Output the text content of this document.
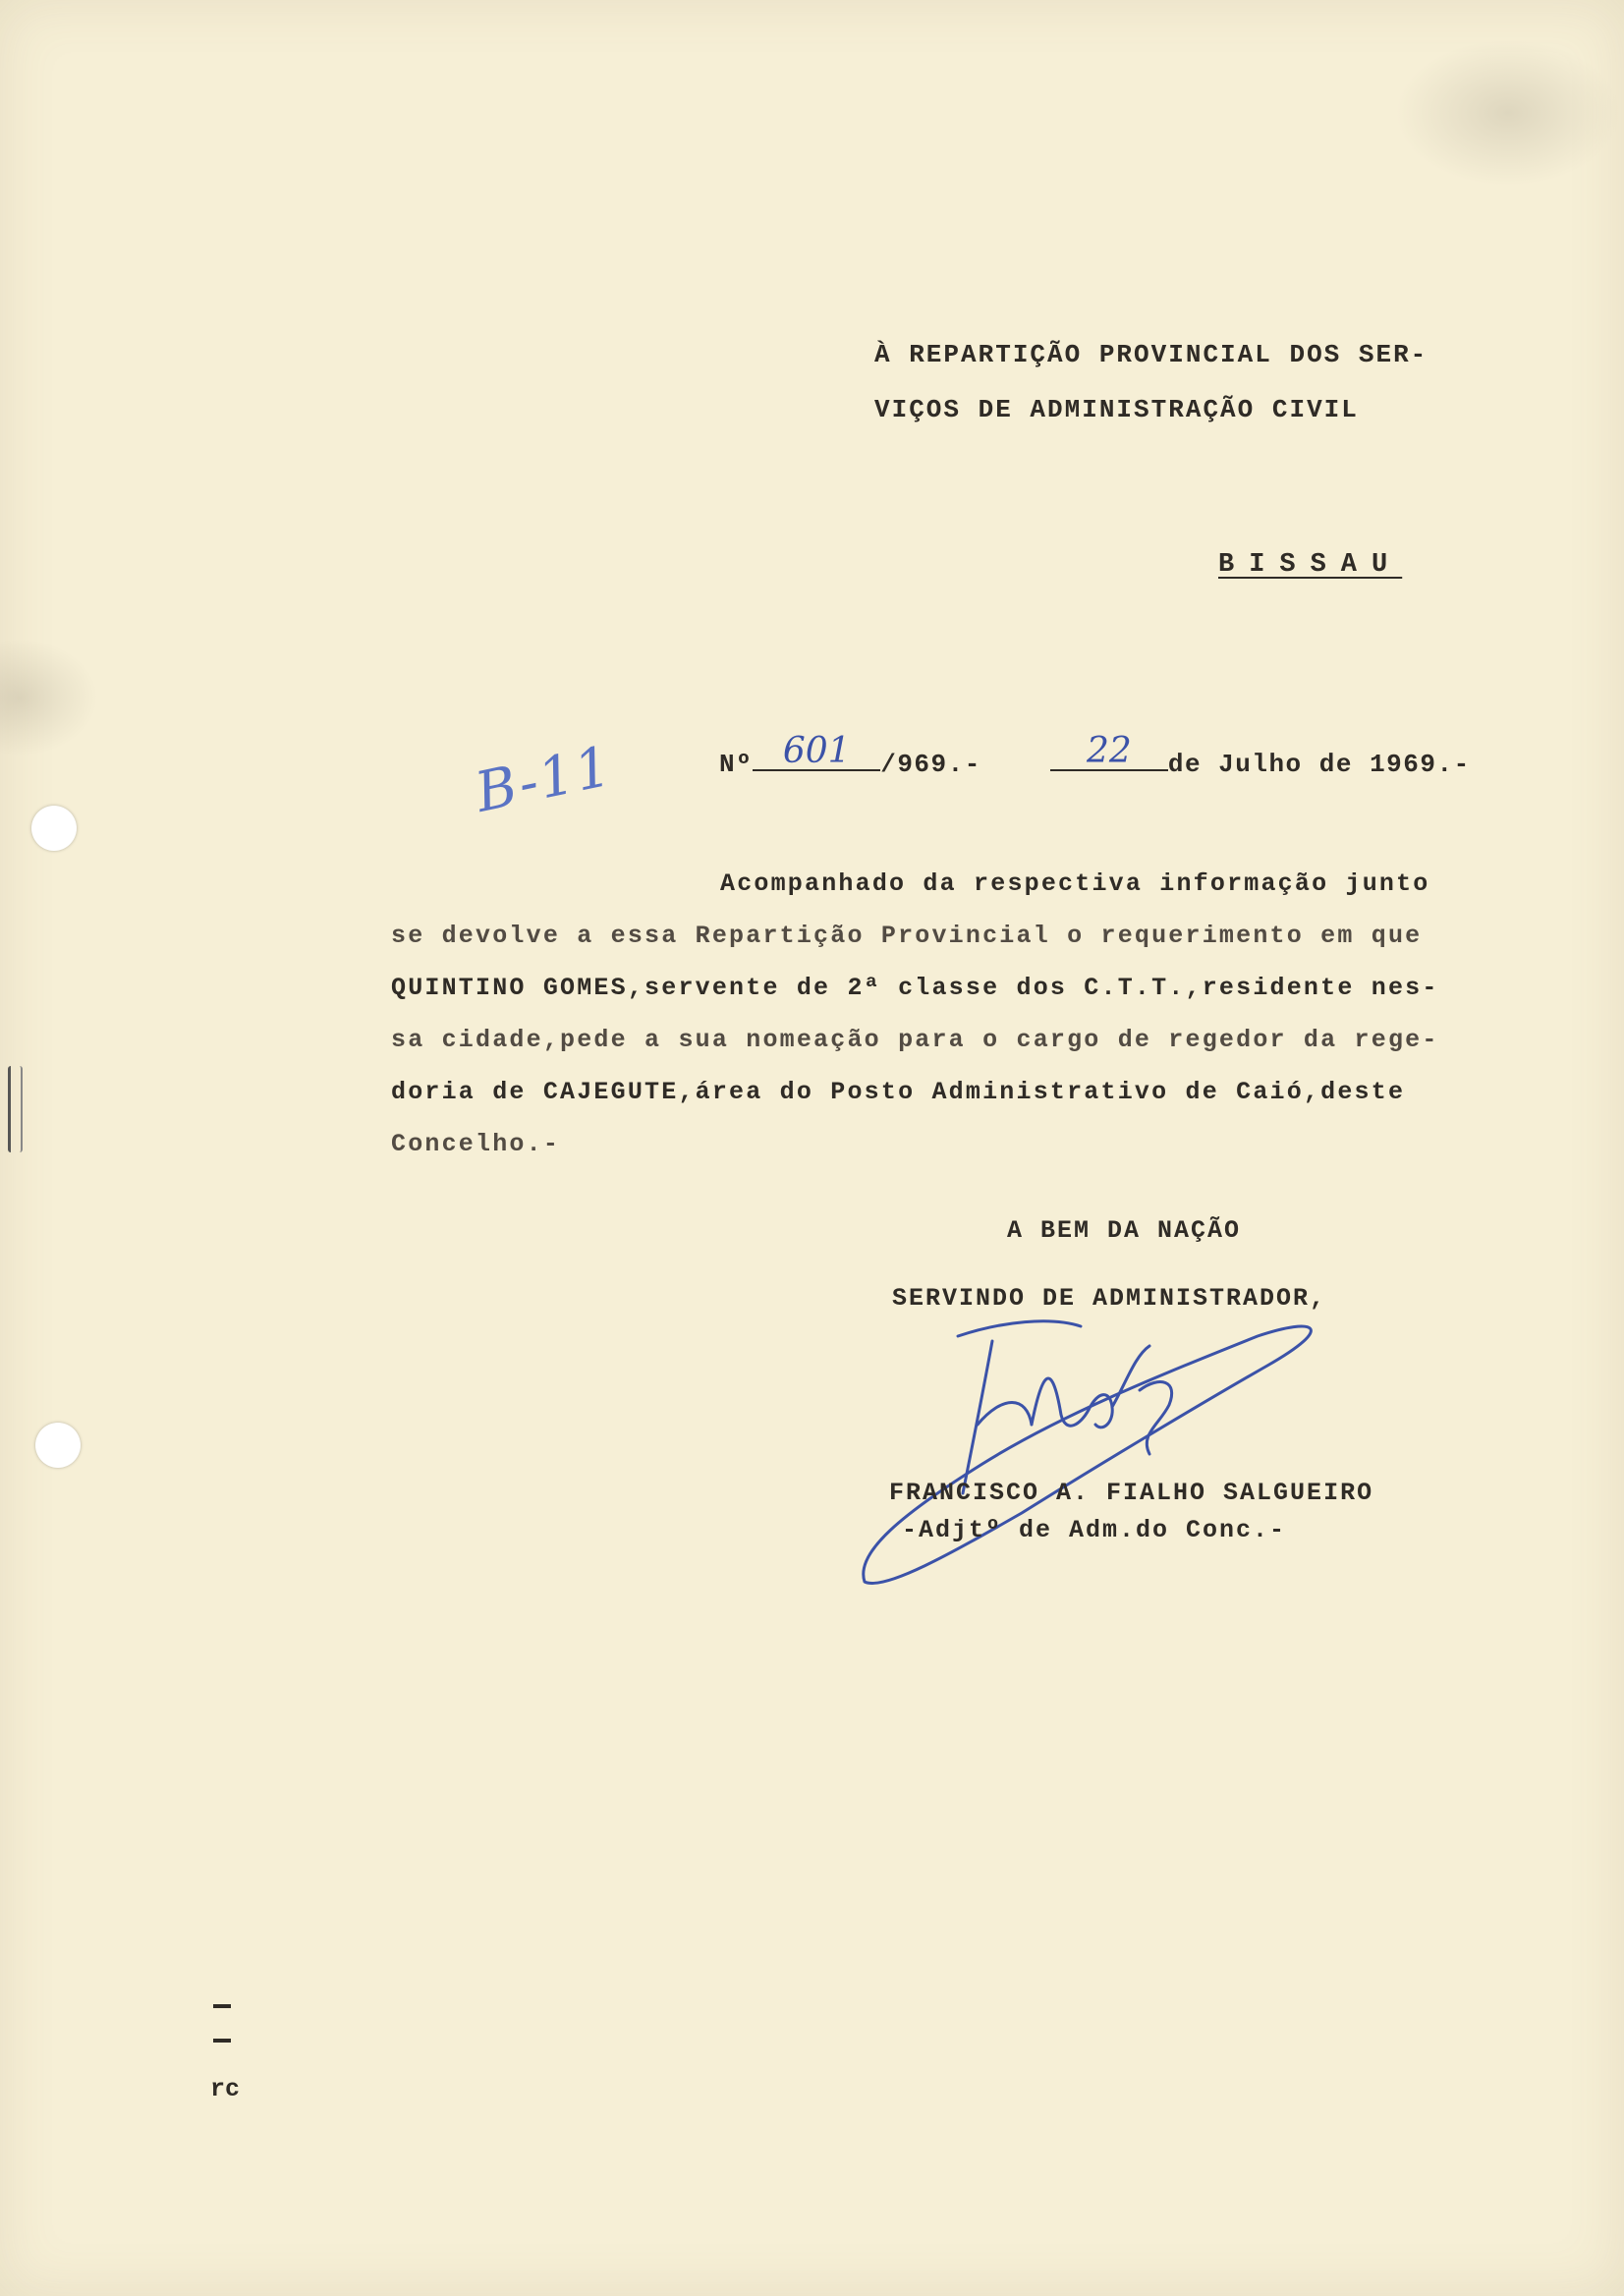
À REPARTIÇÃO PROVINCIAL DOS SER-
VIÇOS DE ADMINISTRAÇÃO CIVIL
BISSAU
B-11	Nº 601	/969.-	22	de Julho de 1969.-
Acompanhado da respectiva informação junto
se devolve a essa Repartição Provincial o requerimento em que
QUINTINO GOMES,servente de 2ª classe dos C.T.T.,residente nes-
sa cidade,pede a sua nomeação para o cargo de regedor da rege-
doria de CAJEGUTE,área do Posto Administrativo de Caió,deste
Concelho.-
A BEM DA NAÇÃO
SERVINDO DE ADMINISTRADOR,
FRANCISCO A. FIALHO SALGUEIRO
-Adjtº de Adm.do Conc.-
rc
